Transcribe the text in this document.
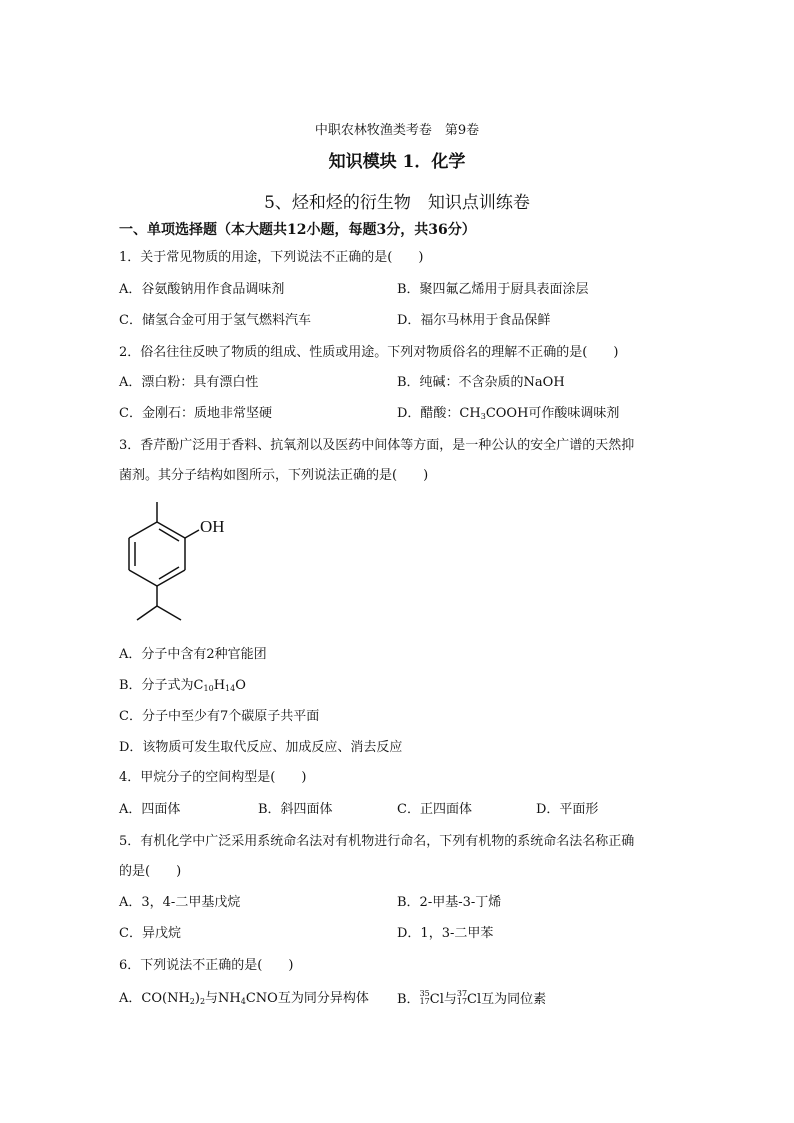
中职农林牧渔类考卷　第9卷
知识模块 1．化学
5、烃和烃的衍生物　知识点训练卷
一、单项选择题（本大题共12小题，每题3分，共36分）
1．关于常见物质的用途，下列说法不正确的是(　　)
A．谷氨酸钠用作食品调味剂	B．聚四氟乙烯用于厨具表面涂层
C．储氢合金可用于氢气燃料汽车	D．福尔马林用于食品保鲜
2．俗名往往反映了物质的组成、性质或用途。下列对物质俗名的理解不正确的是(　　)
A．漂白粉：具有漂白性	B．纯碱：不含杂质的NaOH
C．金刚石：质地非常坚硬	D．醋酸：$CH_3COOH$可作酸味调味剂
3．香芹酚广泛用于香料、抗氧剂以及医药中间体等方面，是一种公认的安全广谱的天然抑
菌剂。其分子结构如图所示，下列说法正确的是(　　)
OH
A．分子中含有2种官能团
B．分子式为$C_{10}H_{14}O$
C．分子中至少有7个碳原子共平面
D．该物质可发生取代反应、加成反应、消去反应
4．甲烷分子的空间构型是(　　)
A．四面体	B．斜四面体	C．正四面体	D．平面形
5．有机化学中广泛采用系统命名法对有机物进行命名，下列有机物的系统命名法名称正确
的是(　　)
A．3，4-二甲基戊烷	B．2-甲基-3-丁烯
C．异戊烷	D．1，3-二甲苯
6．下列说法不正确的是(　　)
A．$CO(NH_2)_2$与$NH_4CNO$互为同分异构体 B． 35
17 Cl与 37
17 Cl互为同位素
